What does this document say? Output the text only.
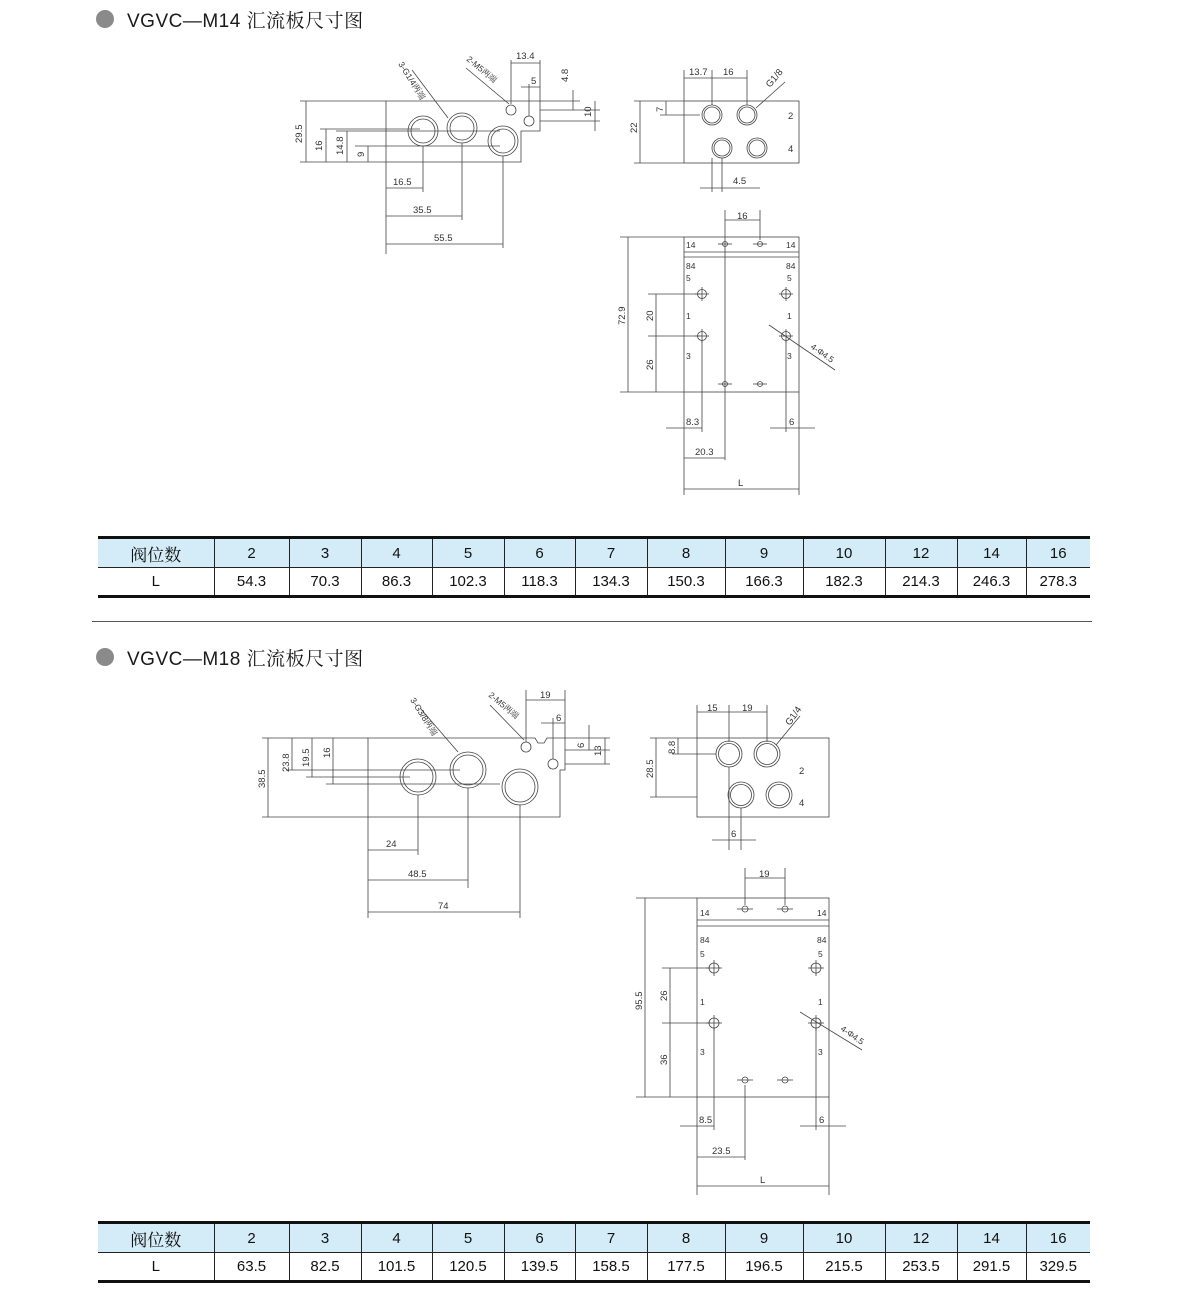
VGVC—M14 汇流板尺寸图
3-G1/4两端	2-M5两端 13.4
5 4.8
10
29.5
16 14.8 9
16.5
35.5
55.5
13.7 16	G1/8
7
22
2
4
4.5
16
14	14
84	84
5	5
1	1
3	3
72.9 20
26
4-Φ4.5
8.3	6
20.3
L
阀位数	2	3	4	5	6	7	8	9	10	12	14	16
L	54.3	70.3	86.3	102.3	118.3	134.3	150.3	166.3	182.3	214.3	246.3	278.3
VGVC—M18 汇流板尺寸图
3-G3/8两端	2-M5两端 19
6
6
13
38.5
23.8 19.5 16
24
48.5
74
15	19	G1/4
8.8
28.5	2
4
6
19
14	14
84	84
5	5
1	1
3	3
95.5 26
36
4-Φ4.5
8.5	6
23.5
L
阀位数	2	3	4	5	6	7	8	9	10	12	14	16
L	63.5	82.5	101.5	120.5	139.5	158.5	177.5	196.5	215.5	253.5	291.5	329.5
